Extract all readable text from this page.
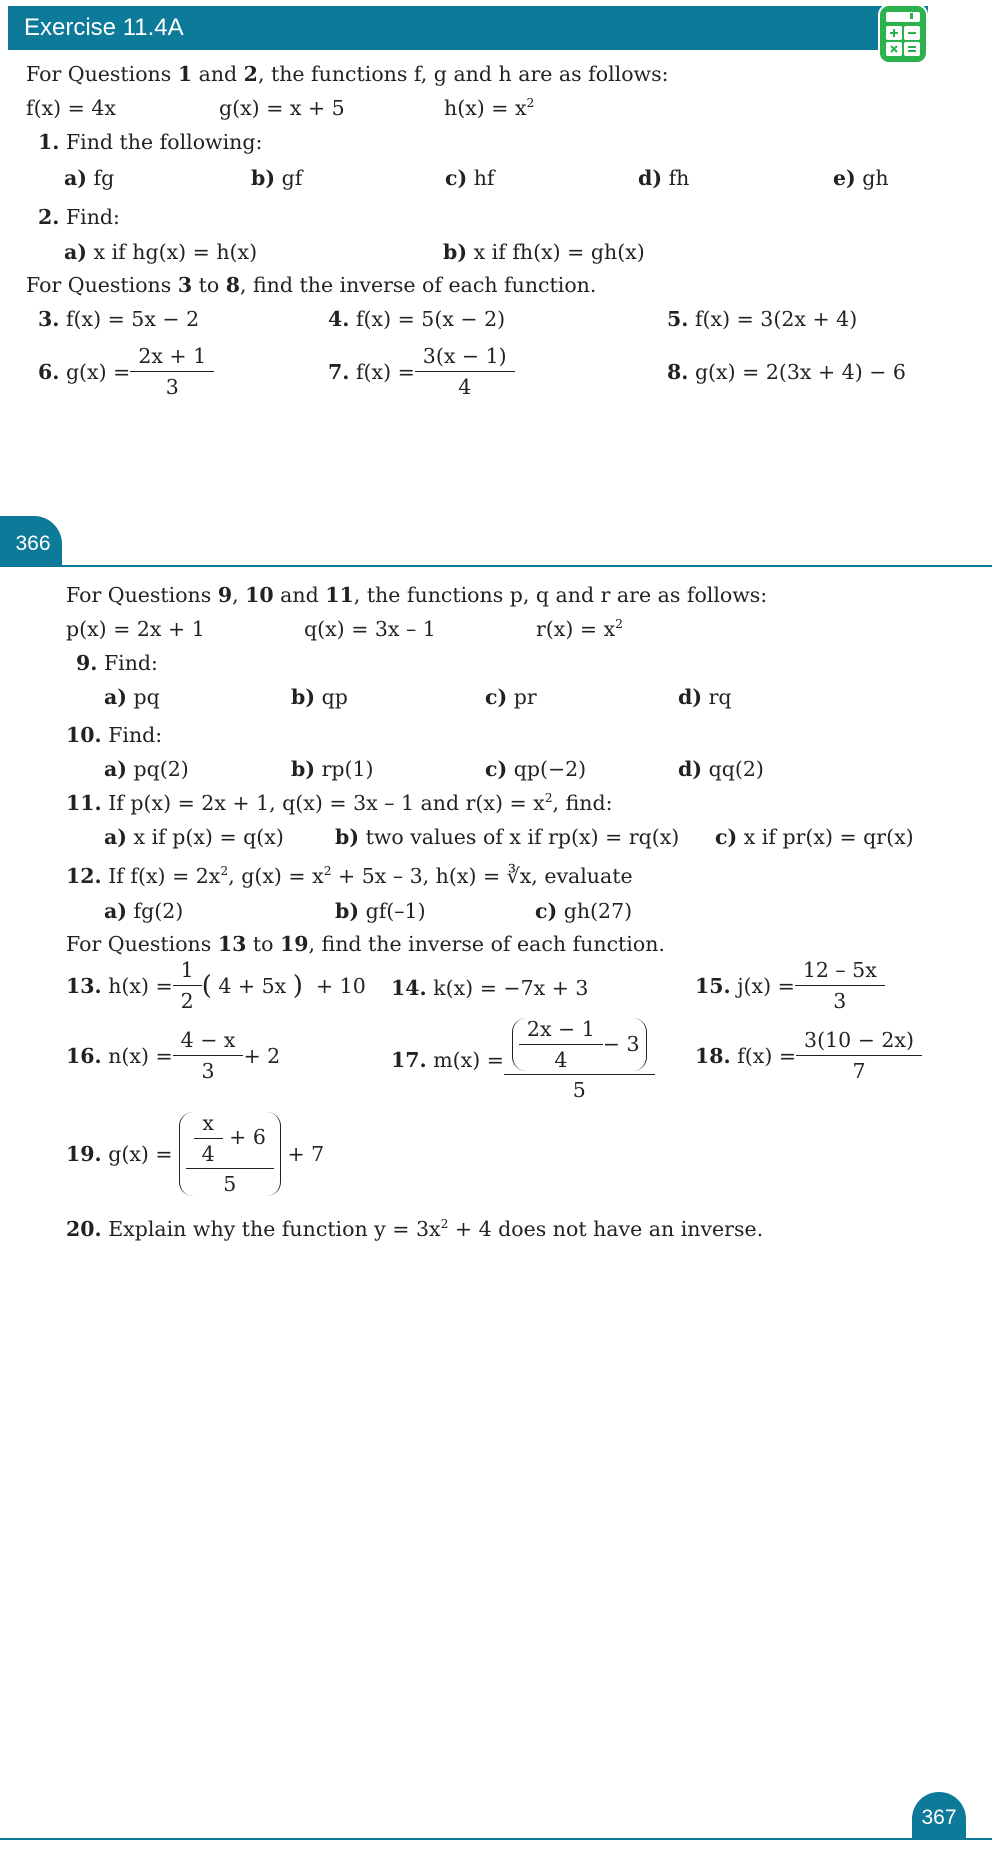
Exercise 11.4A
For Questions 1 and 2, the functions f, g and h are as follows:
f(x) = 4x	g(x) = x + 5	$h(x) = x^2$
1. Find the following:
a) fg	b) gf	c) hf	d) fh	e) gh
2. Find:
a) x if hg(x) = h(x)	b) x if fh(x) = gh(x)
For Questions 3 to 8, find the inverse of each function.
3. f(x) = 5x − 2	4. f(x) = 5(x − 2)	5. f(x) = 3(2x + 4)
6.
$g(x) = \frac{2x + 1}{3}$	7.
$f(x) = \frac{3(x - 1)}{4}$	8. g(x) = 2(3x + 4) − 6
366
For Questions 9, 10 and 11, the functions p, q and r are as follows:
p(x) = 2x + 1	q(x) = 3x – 1	$r(x) = x^2$
9. Find:
a) pq	b) qp	c) pr	d) rq
10. Find:
a) pq(2)	b) rp(1)	c) qp(−2)	d) qq(2)
11. If p(x) = 2x + 1, q(x) = 3x – 1 and $r(x) = x^2$, find:
a) x if p(x) = q(x) b) two values of x if rp(x) = rq(x) c) x if pr(x) = qr(x)
12. If $f(x) = 2x^2$, $g(x) = x^2 + 5x - 3$, h(x) = ∛x, evaluate
a) fg(2)	b) gf(–1)	c) gh(27)
For Questions 13 to 19, find the inverse of each function.
13.
$h(x) = \frac{1}{2}$ (
4 + 5x
)
+ 10 14. k(x) = −7x + 3	15.
$j(x) = \frac{12 - 5x}{3}$
16.
$n(x) = \frac{4 - x}{3} + 2$	17.
$m(x) = \frac{\frac{2x - 1}{4} - 3}{5} 18$.
$f(x) = \frac{3(10 - 2x)}{7}$
19.
$g(x) = \frac{\frac{x}{4} + 6}{5}$
+ 7
20. Explain why the function $y = 3x^2 + 4$ does not have an inverse.
367
